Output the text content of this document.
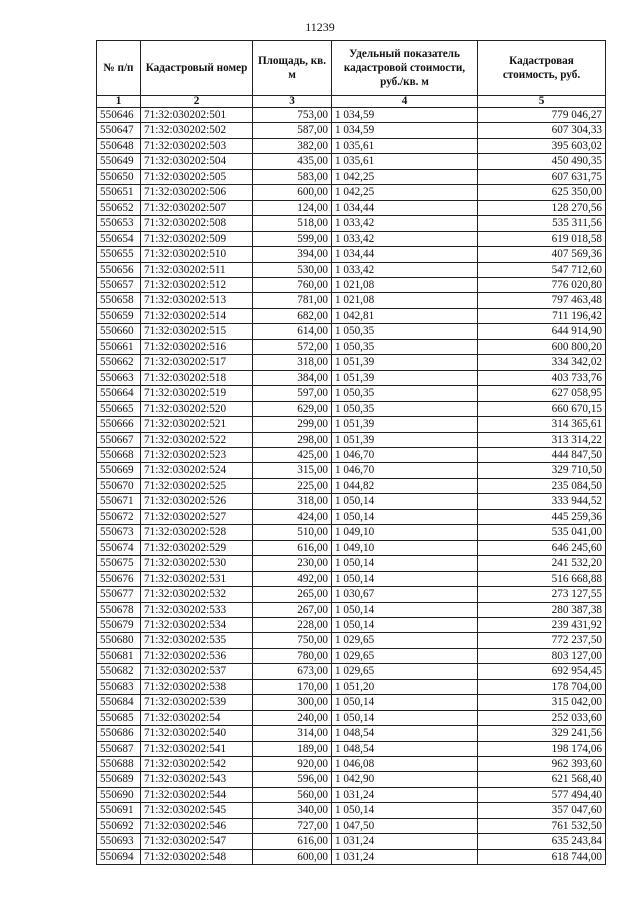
11239
№ п/п	Кадастровый номер	Площадь, кв. м	Удельный показатель кадастровой стоимости, руб./кв. м	Кадастровая стоимость, руб.
1	2	3	4	5
550646	71:32:030202:501	753,00	1 034,59	779 046,27
550647	71:32:030202:502	587,00	1 034,59	607 304,33
550648	71:32:030202:503	382,00	1 035,61	395 603,02
550649	71:32:030202:504	435,00	1 035,61	450 490,35
550650	71:32:030202:505	583,00	1 042,25	607 631,75
550651	71:32:030202:506	600,00	1 042,25	625 350,00
550652	71:32:030202:507	124,00	1 034,44	128 270,56
550653	71:32:030202:508	518,00	1 033,42	535 311,56
550654	71:32:030202:509	599,00	1 033,42	619 018,58
550655	71:32:030202:510	394,00	1 034,44	407 569,36
550656	71:32:030202:511	530,00	1 033,42	547 712,60
550657	71:32:030202:512	760,00	1 021,08	776 020,80
550658	71:32:030202:513	781,00	1 021,08	797 463,48
550659	71:32:030202:514	682,00	1 042,81	711 196,42
550660	71:32:030202:515	614,00	1 050,35	644 914,90
550661	71:32:030202:516	572,00	1 050,35	600 800,20
550662	71:32:030202:517	318,00	1 051,39	334 342,02
550663	71:32:030202:518	384,00	1 051,39	403 733,76
550664	71:32:030202:519	597,00	1 050,35	627 058,95
550665	71:32:030202:520	629,00	1 050,35	660 670,15
550666	71:32:030202:521	299,00	1 051,39	314 365,61
550667	71:32:030202:522	298,00	1 051,39	313 314,22
550668	71:32:030202:523	425,00	1 046,70	444 847,50
550669	71:32:030202:524	315,00	1 046,70	329 710,50
550670	71:32:030202:525	225,00	1 044,82	235 084,50
550671	71:32:030202:526	318,00	1 050,14	333 944,52
550672	71:32:030202:527	424,00	1 050,14	445 259,36
550673	71:32:030202:528	510,00	1 049,10	535 041,00
550674	71:32:030202:529	616,00	1 049,10	646 245,60
550675	71:32:030202:530	230,00	1 050,14	241 532,20
550676	71:32:030202:531	492,00	1 050,14	516 668,88
550677	71:32:030202:532	265,00	1 030,67	273 127,55
550678	71:32:030202:533	267,00	1 050,14	280 387,38
550679	71:32:030202:534	228,00	1 050,14	239 431,92
550680	71:32:030202:535	750,00	1 029,65	772 237,50
550681	71:32:030202:536	780,00	1 029,65	803 127,00
550682	71:32:030202:537	673,00	1 029,65	692 954,45
550683	71:32:030202:538	170,00	1 051,20	178 704,00
550684	71:32:030202:539	300,00	1 050,14	315 042,00
550685	71:32:030202:54	240,00	1 050,14	252 033,60
550686	71:32:030202:540	314,00	1 048,54	329 241,56
550687	71:32:030202:541	189,00	1 048,54	198 174,06
550688	71:32:030202:542	920,00	1 046,08	962 393,60
550689	71:32:030202:543	596,00	1 042,90	621 568,40
550690	71:32:030202:544	560,00	1 031,24	577 494,40
550691	71:32:030202:545	340,00	1 050,14	357 047,60
550692	71:32:030202:546	727,00	1 047,50	761 532,50
550693	71:32:030202:547	616,00	1 031,24	635 243,84
550694	71:32:030202:548	600,00	1 031,24	618 744,00
